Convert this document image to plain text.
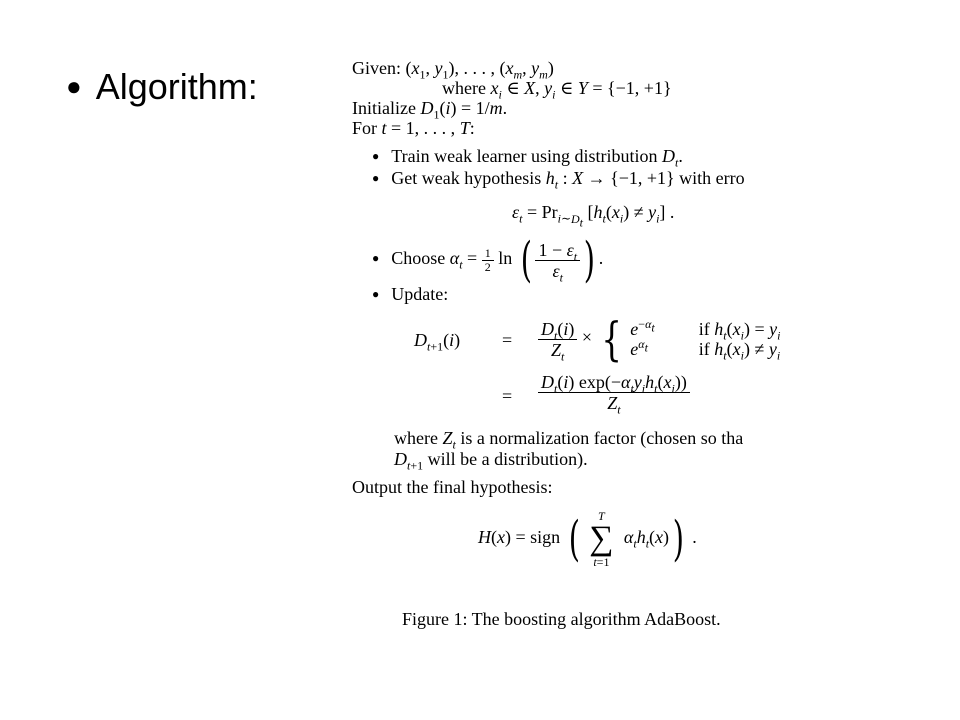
● Algorithm:	Given: ($x_1$, $y_1$), . . . , ($x_m$, $y_m$)
where $x_i$ ∈ X, $y_i$ ∈ Y = {−1, +1}
Initialize $D_1(i) = 1/m$.
For t = 1, . . . , T:
● Train weak learner using distribution $D_t$.
● Get weak hypothesis $h_t$ : X → {−1, +1} with erro
$\varepsilon_t = Pr_{i\sim D_t}$ $[h_t(x_i) \ne y_i]$ .
● Choose $\alpha_t = \frac{1}{2}$ ln ( $\frac{1 - \varepsilon_t}{\varepsilon_t}$ ) .
● Update:
$D_{t+1}(i) = \frac{D_t(i)}{Z_t}$ × { $e^{-\alpha_t}$ if $h_t(x_i) = y_i$
$e^{\alpha_t}$	if $h_t(x_i) \ne y_i$
= $\frac{D_t(i) \exp(-\alpha_ty_ih_t(x_i))}{Z_t}$
where $Z_t$ is a normalization factor (chosen so tha
$D_{t+1}$ will be a distribution).
Output the final hypothesis:
H(x) = sign (	T
∑
t=1
$\alpha_th_t(x)$) .
Figure 1: The boosting algorithm AdaBoost.
